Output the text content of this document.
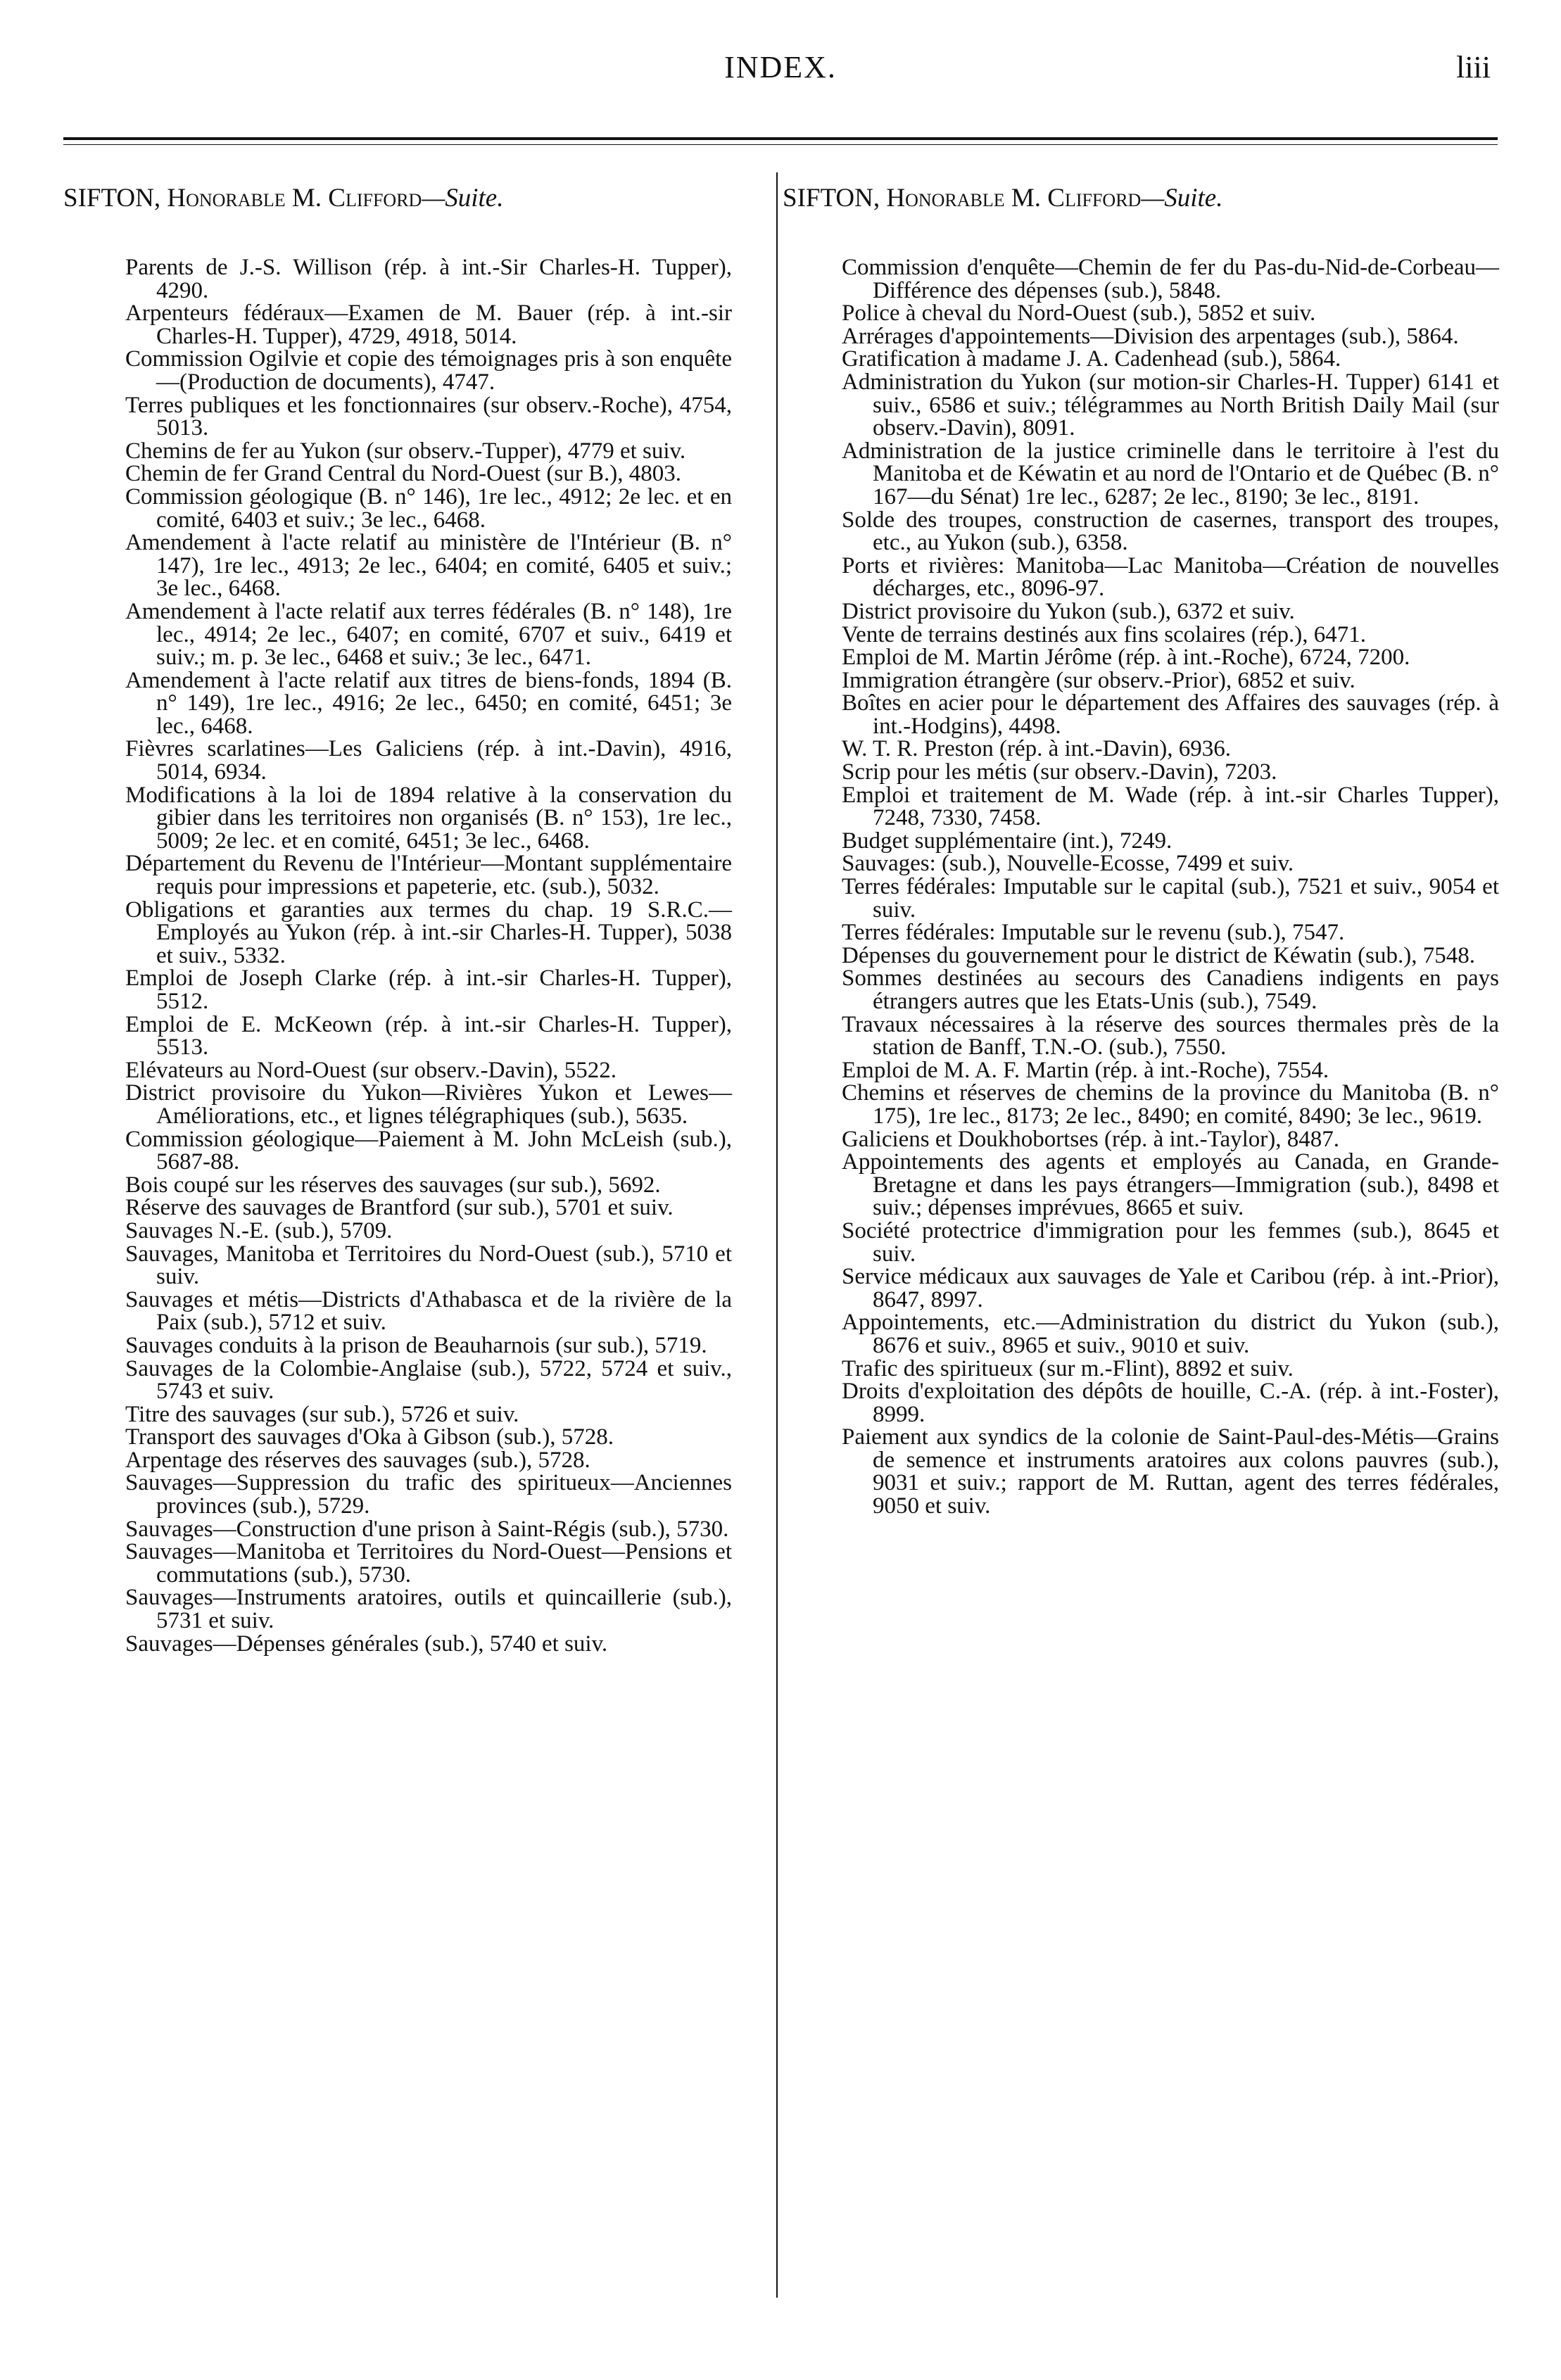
INDEX.	liii
SIFTON, Honorable M. Clifford—Suite.

Parents de J.-S. Willison (rép. à int.-Sir Charles-H. Tupper), 4290.

Arpenteurs fédéraux—Examen de M. Bauer (rép. à int.-sir Charles-H. Tupper), 4729, 4918, 5014.

Commission Ogilvie et copie des témoignages pris à son enquête—(Production de documents), 4747.

Terres publiques et les fonctionnaires (sur observ.-Roche), 4754, 5013.

Chemins de fer au Yukon (sur observ.-Tupper), 4779 et suiv.

Chemin de fer Grand Central du Nord-Ouest (sur B.), 4803.

Commission géologique (B. n° 146), 1re lec., 4912; 2e lec. et en comité, 6403 et suiv.; 3e lec., 6468.

Amendement à l'acte relatif au ministère de l'Intérieur (B. n° 147), 1re lec., 4913; 2e lec., 6404; en comité, 6405 et suiv.; 3e lec., 6468.

Amendement à l'acte relatif aux terres fédérales (B. n° 148), 1re lec., 4914; 2e lec., 6407; en comité, 6707 et suiv., 6419 et suiv.; m. p. 3e lec., 6468 et suiv.; 3e lec., 6471.

Amendement à l'acte relatif aux titres de biens-fonds, 1894 (B. n° 149), 1re lec., 4916; 2e lec., 6450; en comité, 6451; 3e lec., 6468.

Fièvres scarlatines—Les Galiciens (rép. à int.-Davin), 4916, 5014, 6934.

Modifications à la loi de 1894 relative à la conservation du gibier dans les territoires non organisés (B. n° 153), 1re lec., 5009; 2e lec. et en comité, 6451; 3e lec., 6468.

Département du Revenu de l'Intérieur—Montant supplémentaire requis pour impressions et papeterie, etc. (sub.), 5032.

Obligations et garanties aux termes du chap. 19 S.R.C.—Employés au Yukon (rép. à int.-sir Charles-H. Tupper), 5038 et suiv., 5332.

Emploi de Joseph Clarke (rép. à int.-sir Charles-H. Tupper), 5512.

Emploi de E. McKeown (rép. à int.-sir Charles-H. Tupper), 5513.

Elévateurs au Nord-Ouest (sur observ.-Davin), 5522.

District provisoire du Yukon—Rivières Yukon et Lewes—Améliorations, etc., et lignes télégraphiques (sub.), 5635.

Commission géologique—Paiement à M. John McLeish (sub.), 5687-88.

Bois coupé sur les réserves des sauvages (sur sub.), 5692.

Réserve des sauvages de Brantford (sur sub.), 5701 et suiv.

Sauvages N.-E. (sub.), 5709.

Sauvages, Manitoba et Territoires du Nord-Ouest (sub.), 5710 et suiv.

Sauvages et métis—Districts d'Athabasca et de la rivière de la Paix (sub.), 5712 et suiv.

Sauvages conduits à la prison de Beauharnois (sur sub.), 5719.

Sauvages de la Colombie-Anglaise (sub.), 5722, 5724 et suiv., 5743 et suiv.

Titre des sauvages (sur sub.), 5726 et suiv.

Transport des sauvages d'Oka à Gibson (sub.), 5728.

Arpentage des réserves des sauvages (sub.), 5728.

Sauvages—Suppression du trafic des spiritueux—Anciennes provinces (sub.), 5729.

Sauvages—Construction d'une prison à Saint-Régis (sub.), 5730.

Sauvages—Manitoba et Territoires du Nord-Ouest—Pensions et commutations (sub.), 5730.

Sauvages—Instruments aratoires, outils et quincaillerie (sub.), 5731 et suiv.

Sauvages—Dépenses générales (sub.), 5740 et suiv.

SIFTON, Honorable M. Clifford—Suite.

Commission d'enquête—Chemin de fer du Pas-du-Nid-de-Corbeau—Différence des dépenses (sub.), 5848.

Police à cheval du Nord-Ouest (sub.), 5852 et suiv.

Arrérages d'appointements—Division des arpentages (sub.), 5864.

Gratification à madame J. A. Cadenhead (sub.), 5864.

Administration du Yukon (sur motion-sir Charles-H. Tupper) 6141 et suiv., 6586 et suiv.; télégrammes au North British Daily Mail (sur observ.-Davin), 8091.

Administration de la justice criminelle dans le territoire à l'est du Manitoba et de Kéwatin et au nord de l'Ontario et de Québec (B. n° 167—du Sénat) 1re lec., 6287; 2e lec., 8190; 3e lec., 8191.

Solde des troupes, construction de casernes, transport des troupes, etc., au Yukon (sub.), 6358.

Ports et rivières: Manitoba—Lac Manitoba—Création de nouvelles décharges, etc., 8096-97.

District provisoire du Yukon (sub.), 6372 et suiv.

Vente de terrains destinés aux fins scolaires (rép.), 6471.

Emploi de M. Martin Jérôme (rép. à int.-Roche), 6724, 7200.

Immigration étrangère (sur observ.-Prior), 6852 et suiv.

Boîtes en acier pour le département des Affaires des sauvages (rép. à int.-Hodgins), 4498.

W. T. R. Preston (rép. à int.-Davin), 6936.

Scrip pour les métis (sur observ.-Davin), 7203.

Emploi et traitement de M. Wade (rép. à int.-sir Charles Tupper), 7248, 7330, 7458.

Budget supplémentaire (int.), 7249.

Sauvages: (sub.), Nouvelle-Ecosse, 7499 et suiv.

Terres fédérales: Imputable sur le capital (sub.), 7521 et suiv., 9054 et suiv.

Terres fédérales: Imputable sur le revenu (sub.), 7547.

Dépenses du gouvernement pour le district de Kéwatin (sub.), 7548.

Sommes destinées au secours des Canadiens indigents en pays étrangers autres que les Etats-Unis (sub.), 7549.

Travaux nécessaires à la réserve des sources thermales près de la station de Banff, T.N.-O. (sub.), 7550.

Emploi de M. A. F. Martin (rép. à int.-Roche), 7554.

Chemins et réserves de chemins de la province du Manitoba (B. n° 175), 1re lec., 8173; 2e lec., 8490; en comité, 8490; 3e lec., 9619.

Galiciens et Doukhobortses (rép. à int.-Taylor), 8487.

Appointements des agents et employés au Canada, en Grande-Bretagne et dans les pays étrangers—Immigration (sub.), 8498 et suiv.; dépenses imprévues, 8665 et suiv.

Société protectrice d'immigration pour les femmes (sub.), 8645 et suiv.

Service médicaux aux sauvages de Yale et Caribou (rép. à int.-Prior), 8647, 8997.

Appointements, etc.—Administration du district du Yukon (sub.), 8676 et suiv., 8965 et suiv., 9010 et suiv.

Trafic des spiritueux (sur m.-Flint), 8892 et suiv.

Droits d'exploitation des dépôts de houille, C.-A. (rép. à int.-Foster), 8999.

Paiement aux syndics de la colonie de Saint-Paul-des-Métis—Grains de semence et instruments aratoires aux colons pauvres (sub.), 9031 et suiv.; rapport de M. Ruttan, agent des terres fédérales, 9050 et suiv.
